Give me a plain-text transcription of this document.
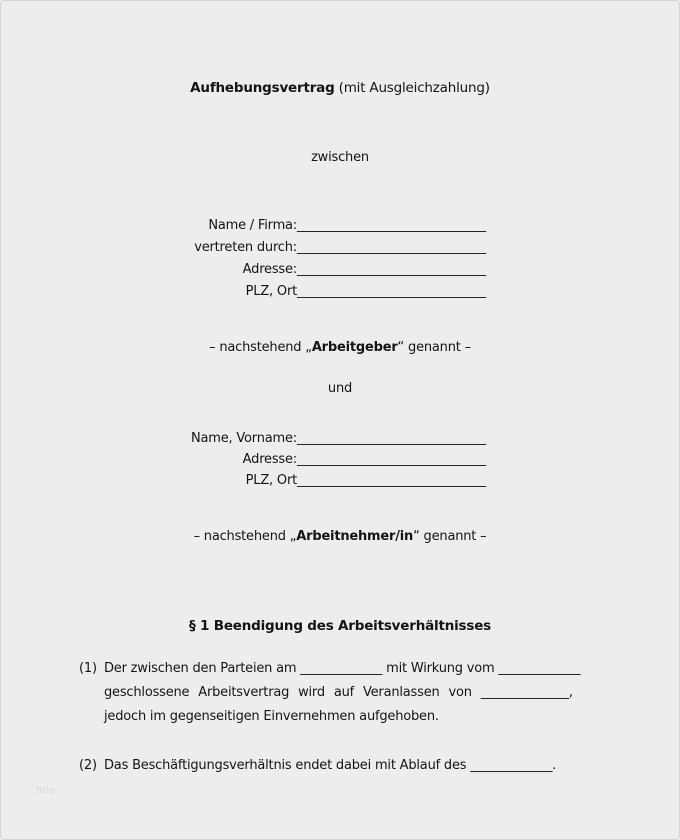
Aufhebungsvertrag (mit Ausgleichzahlung)
zwischen
Name / Firma:______________________________
vertreten durch:______________________________
Adresse:______________________________
PLZ, Ort______________________________
– nachstehend „Arbeitgeber“ genannt –
und
Name, Vorname:______________________________
Adresse:______________________________
PLZ, Ort______________________________
– nachstehend „Arbeitnehmer/in“ genannt –
§ 1 Beendigung des Arbeitsverhältnisses
(1) Der zwischen den Parteien am _____________ mit Wirkung vom _____________
geschlossene Arbeitsvertrag wird auf Veranlassen von ______________,
jedoch im gegenseitigen Einvernehmen aufgehoben.
(2) Das Beschäftigungsverhältnis endet dabei mit Ablauf des _____________.
http
